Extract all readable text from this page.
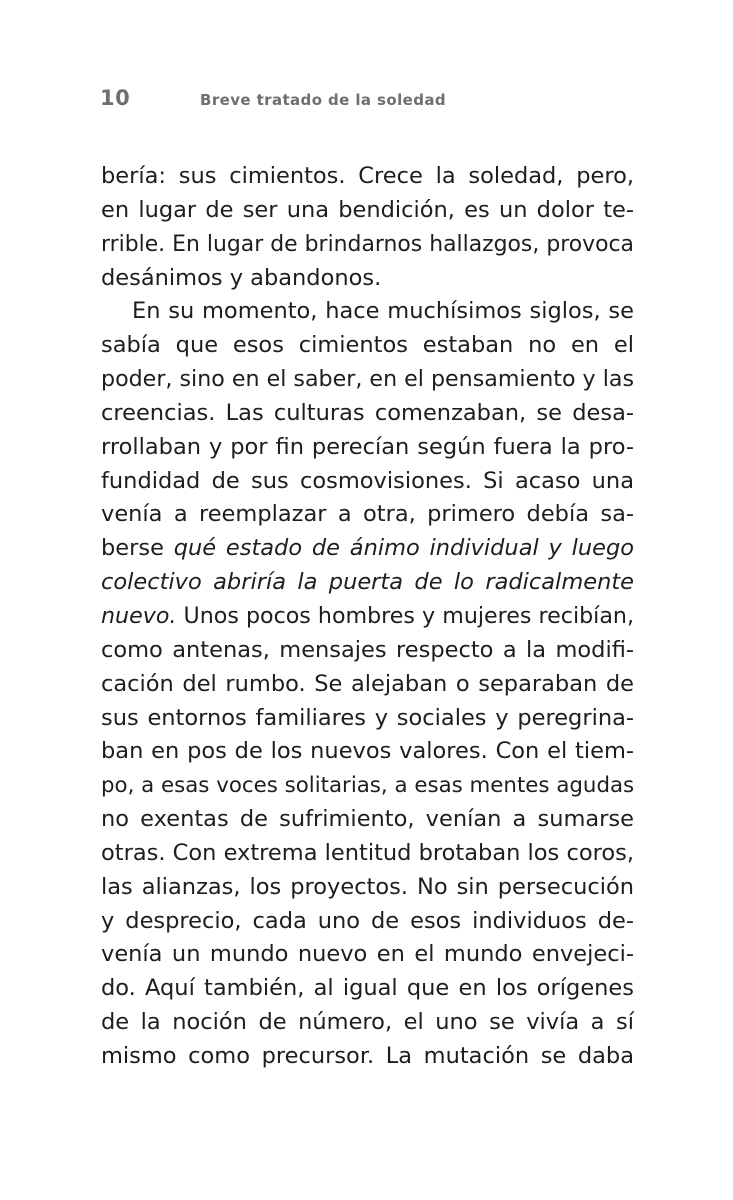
10	Breve tratado de la soledad
bería: sus cimientos. Crece la soledad, pero,
en lugar de ser una bendición, es un dolor te-
rrible. En lugar de brindarnos hallazgos, provoca
desánimos y abandonos.
En su momento, hace muchísimos siglos, se
sabía que esos cimientos estaban no en el
poder, sino en el saber, en el pensamiento y las
creencias. Las culturas comenzaban, se desa-
rrollaban y por fin perecían según fuera la pro-
fundidad de sus cosmovisiones. Si acaso una
venía a reemplazar a otra, primero debía sa-
berse qué estado de ánimo individual y luego
colectivo abriría la puerta de lo radicalmente
nuevo. Unos pocos hombres y mujeres recibían,
como antenas, mensajes respecto a la modifi-
cación del rumbo. Se alejaban o separaban de
sus entornos familiares y sociales y peregrina-
ban en pos de los nuevos valores. Con el tiem-
po, a esas voces solitarias, a esas mentes agudas
no exentas de sufrimiento, venían a sumarse
otras. Con extrema lentitud brotaban los coros,
las alianzas, los proyectos. No sin persecución
y desprecio, cada uno de esos individuos de-
venía un mundo nuevo en el mundo envejeci-
do. Aquí también, al igual que en los orígenes
de la noción de número, el uno se vivía a sí
mismo como precursor. La mutación se daba
